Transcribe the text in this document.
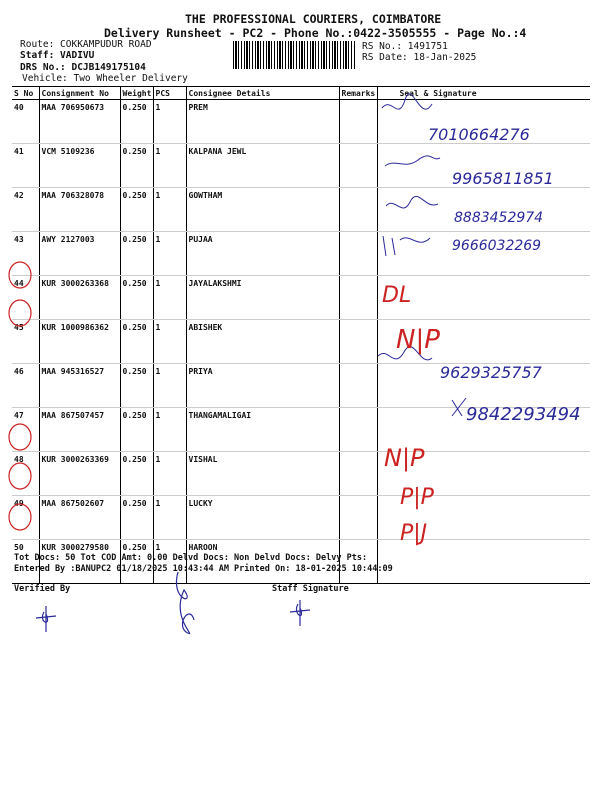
THE PROFESSIONAL COURIERS, COIMBATORE
Delivery Runsheet - PC2 - Phone No.:0422-3505555 - Page No.:4
Route: COKKAMPUDUR ROAD
Staff: VADIVU
DRS No.: DCJB149175104
Vehicle: Two Wheeler Delivery
RS No.: 1491751
RS Date: 18-Jan-2025
S No	Consignment No	Weight	PCS	Consignee Details	Remarks	Seal & Signature
40	MAA 706950673	0.250	1	PREM		
41	VCM 5109236	0.250	1	KALPANA JEWL		
42	MAA 706328078	0.250	1	GOWTHAM		
43	AWY 2127003	0.250	1	PUJAA		
44	KUR 3000263368	0.250	1	JAYALAKSHMI		
45	KUR 1000986362	0.250	1	ABISHEK		
46	MAA 945316527	0.250	1	PRIYA		
47	MAA 867507457	0.250	1	THANGAMALIGAI		
48	KUR 3000263369	0.250	1	VISHAL		
49	MAA 867502607	0.250	1	LUCKY		
50	KUR 3000279580	0.250	1	HAROON		
Tot Docs: 50 Tot COD Amt: 0.00 Delvd Docs: Non Delvd Docs: Delvy Pts:
Entered By :BANUPC2 01/18/2025 10:43:44 AM Printed On: 18-01-2025 10:44:09
Verified By	Staff Signature
7010664276
9965811851
8883452974
9666032269
DL
N|P
9629325757
9842293494
N|P
P|P
P|J
